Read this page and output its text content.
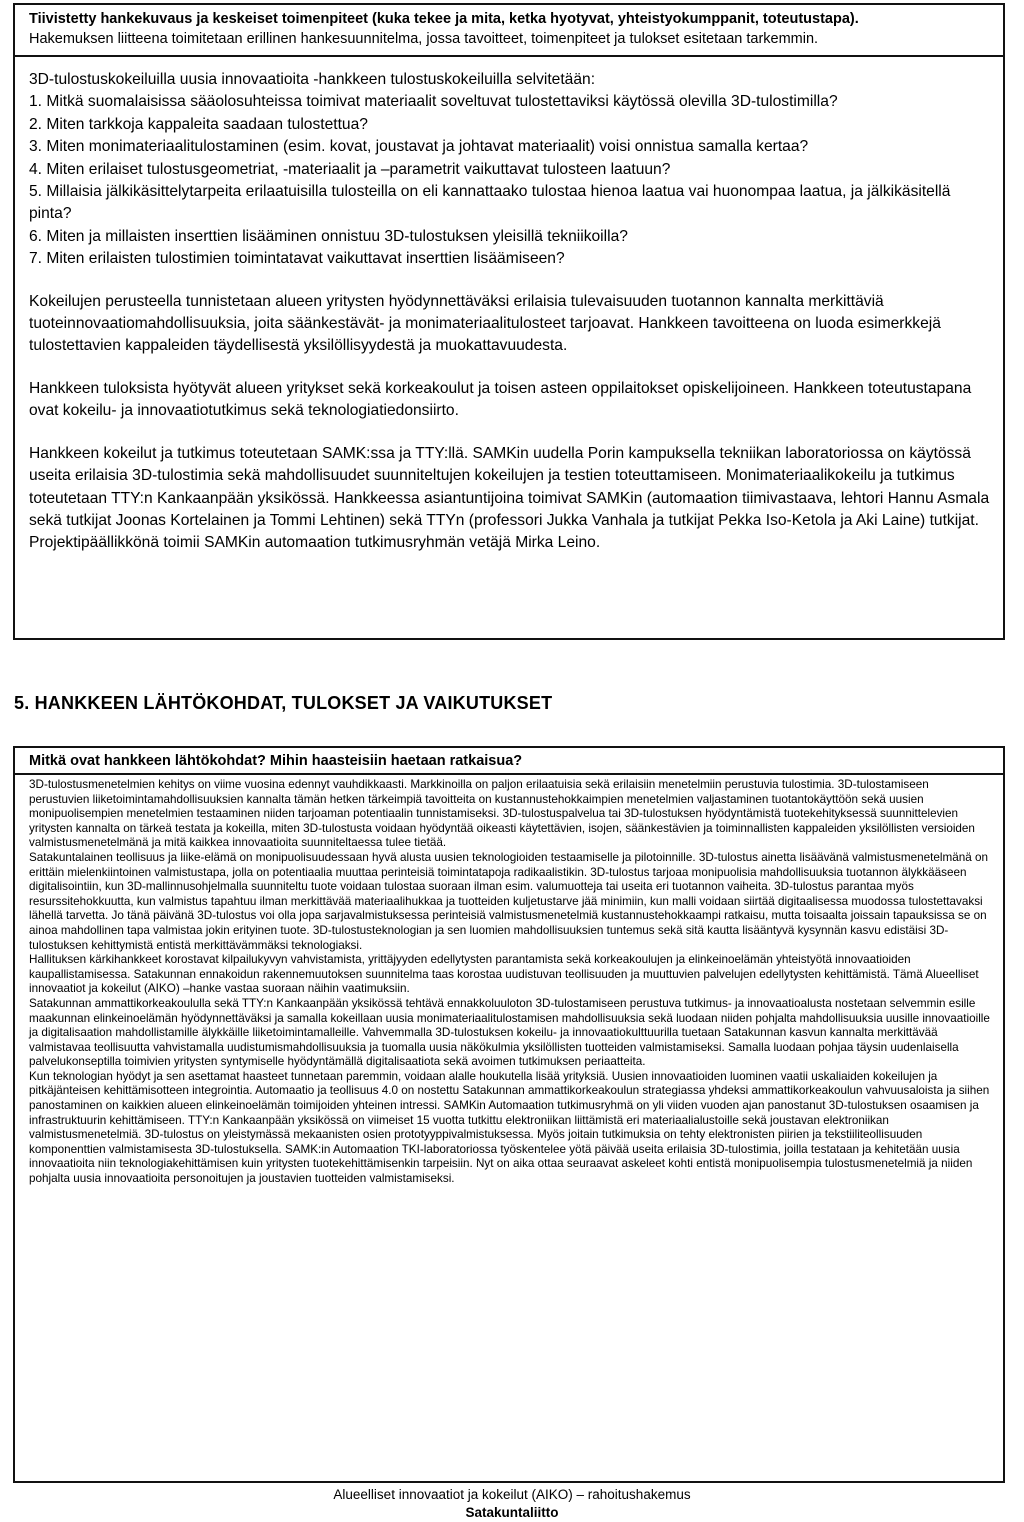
Tiivistetty hankekuvaus ja keskeiset toimenpiteet (kuka tekee ja mita, ketka hyotyvat, yhteistyokumppanit, toteutustapa).
Hakemuksen liitteena toimitetaan erillinen hankesuunnitelma, jossa tavoitteet, toimenpiteet ja tulokset esitetaan tarkemmin.

3D-tulostuskokeiluilla uusia innovaatioita -hankkeen tulostuskokeiluilla selvitetään:

1. Mitkä suomalaisissa sääolosuhteissa toimivat materiaalit soveltuvat tulostettaviksi käytössä olevilla 3D-tulostimilla?

2. Miten tarkkoja kappaleita saadaan tulostettua?

3. Miten monimateriaalitulostaminen (esim. kovat, joustavat ja johtavat materiaalit) voisi onnistua samalla kertaa?

4. Miten erilaiset tulostusgeometriat, -materiaalit ja –parametrit vaikuttavat tulosteen laatuun?

5. Millaisia jälkikäsittelytarpeita erilaatuisilla tulosteilla on eli kannattaako tulostaa hienoa laatua vai huonompaa laatua, ja jälkikäsitellä pinta?

6. Miten ja millaisten inserttien lisääminen onnistuu 3D-tulostuksen yleisillä tekniikoilla?

7. Miten erilaisten tulostimien toimintatavat vaikuttavat inserttien lisäämiseen?

Kokeilujen perusteella tunnistetaan alueen yritysten hyödynnettäväksi erilaisia tulevaisuuden tuotannon kannalta merkittäviä tuoteinnovaatiomahdollisuuksia, joita säänkestävät- ja monimateriaalitulosteet tarjoavat. Hankkeen tavoitteena on luoda esimerkkejä tulostettavien kappaleiden täydellisestä yksilöllisyydestä ja muokattavuudesta.

Hankkeen tuloksista hyötyvät alueen yritykset sekä korkeakoulut ja toisen asteen oppilaitokset opiskelijoineen. Hankkeen toteutustapana ovat kokeilu- ja innovaatiotutkimus sekä teknologiatiedonsiirto.

Hankkeen kokeilut ja tutkimus toteutetaan SAMK:ssa ja TTY:llä. SAMKin uudella Porin kampuksella tekniikan laboratoriossa on käytössä useita erilaisia 3D-tulostimia sekä mahdollisuudet suunniteltujen kokeilujen ja testien toteuttamiseen. Monimateriaalikokeilu ja tutkimus toteutetaan TTY:n Kankaanpään yksikössä. Hankkeessa asiantuntijoina toimivat SAMKin (automaation tiimivastaava, lehtori Hannu Asmala sekä tutkijat Joonas Kortelainen ja Tommi Lehtinen) sekä TTYn (professori Jukka Vanhala ja tutkijat Pekka Iso-Ketola ja Aki Laine) tutkijat. Projektipäällikkönä toimii SAMKin automaation tutkimusryhmän vetäjä Mirka Leino.

5. HANKKEEN LÄHTÖKOHDAT, TULOKSET JA VAIKUTUKSET
Mitkä ovat hankkeen lähtökohdat? Mihin haasteisiin haetaan ratkaisua?

3D-tulostusmenetelmien kehitys on viime vuosina edennyt vauhdikkaasti. Markkinoilla on paljon erilaatuisia sekä erilaisiin menetelmiin perustuvia tulostimia. 3D-tulostamiseen perustuvien liiketoimintamahdollisuuksien kannalta tämän hetken tärkeimpiä tavoitteita on kustannustehokkaimpien menetelmien valjastaminen tuotantokäyttöön sekä uusien monipuolisempien menetelmien testaaminen niiden tarjoaman potentiaalin tunnistamiseksi. 3D-tulostuspalvelua tai 3D-tulostuksen hyödyntämistä tuotekehityksessä suunnittelevien yritysten kannalta on tärkeä testata ja kokeilla, miten 3D-tulostusta voidaan hyödyntää oikeasti käytettävien, isojen, säänkestävien ja toiminnallisten kappaleiden yksilöllisten versioiden valmistusmenetelmänä ja mitä kaikkea innovaatioita suunniteltaessa tulee tietää.

Satakuntalainen teollisuus ja liike-elämä on monipuolisuudessaan hyvä alusta uusien teknologioiden testaamiselle ja pilotoinnille. 3D-tulostus ainetta lisäävänä valmistusmenetelmänä on erittäin mielenkiintoinen valmistustapa, jolla on potentiaalia muuttaa perinteisiä toimintatapoja radikaalistikin. 3D-tulostus tarjoaa monipuolisia mahdollisuuksia tuotannon älykkääseen digitalisointiin, kun 3D-mallinnusohjelmalla suunniteltu tuote voidaan tulostaa suoraan ilman esim. valumuotteja tai useita eri tuotannon vaiheita. 3D-tulostus parantaa myös resurssitehokkuutta, kun valmistus tapahtuu ilman merkittävää materiaalihukkaa ja tuotteiden kuljetustarve jää minimiin, kun malli voidaan siirtää digitaalisessa muodossa tulostettavaksi lähellä tarvetta. Jo tänä päivänä 3D-tulostus voi olla jopa sarjavalmistuksessa perinteisiä valmistusmenetelmiä kustannustehokkaampi ratkaisu, mutta toisaalta joissain tapauksissa se on ainoa mahdollinen tapa valmistaa jokin erityinen tuote. 3D-tulostusteknologian ja sen luomien mahdollisuuksien tuntemus sekä sitä kautta lisääntyvä kysynnän kasvu edistäisi 3D-tulostuksen kehittymistä entistä merkittävämmäksi teknologiaksi.

Hallituksen kärkihankkeet korostavat kilpailukyvyn vahvistamista, yrittäjyyden edellytysten parantamista sekä korkeakoulujen ja elinkeinoelämän yhteistyötä innovaatioiden kaupallistamisessa. Satakunnan ennakoidun rakennemuutoksen suunnitelma taas korostaa uudistuvan teollisuuden ja muuttuvien palvelujen edellytysten kehittämistä. Tämä Alueelliset innovaatiot ja kokeilut (AIKO) –hanke vastaa suoraan näihin vaatimuksiin.

Satakunnan ammattikorkeakoululla sekä TTY:n Kankaanpään yksikössä tehtävä ennakkoluuloton 3D-tulostamiseen perustuva tutkimus- ja innovaatioalusta nostetaan selvemmin esille maakunnan elinkeinoelämän hyödynnettäväksi ja samalla kokeillaan uusia monimateriaalitulostamisen mahdollisuuksia sekä luodaan niiden pohjalta mahdollisuuksia uusille innovaatioille ja digitalisaation mahdollistamille älykkäille liiketoimintamalleille. Vahvemmalla 3D-tulostuksen kokeilu- ja innovaatiokulttuurilla tuetaan Satakunnan kasvun kannalta merkittävää valmistavaa teollisuutta vahvistamalla uudistumismahdollisuuksia ja tuomalla uusia näkökulmia yksilöllisten tuotteiden valmistamiseksi. Samalla luodaan pohjaa täysin uudenlaisella palvelukonseptilla toimivien yritysten syntymiselle hyödyntämällä digitalisaatiota sekä avoimen tutkimuksen periaatteita.

Kun teknologian hyödyt ja sen asettamat haasteet tunnetaan paremmin, voidaan alalle houkutella lisää yrityksiä. Uusien innovaatioiden luominen vaatii uskaliaiden kokeilujen ja pitkäjänteisen kehittämisotteen integrointia. Automaatio ja teollisuus 4.0 on nostettu Satakunnan ammattikorkeakoulun strategiassa yhdeksi ammattikorkeakoulun vahvuusaloista ja siihen panostaminen on kaikkien alueen elinkeinoelämän toimijoiden yhteinen intressi. SAMKin Automaation tutkimusryhmä on yli viiden vuoden ajan panostanut 3D-tulostuksen osaamisen ja infrastruktuurin kehittämiseen. TTY:n Kankaanpään yksikössä on viimeiset 15 vuotta tutkittu elektroniikan liittämistä eri materiaalialustoille sekä joustavan elektroniikan valmistusmenetelmiä. 3D-tulostus on yleistymässä mekaanisten osien prototyyppivalmistuksessa. Myös joitain tutkimuksia on tehty elektronisten piirien ja tekstiiliteollisuuden komponenttien valmistamisesta 3D-tulostuksella. SAMK:in Automaation TKI-laboratoriossa työskentelee yötä päivää useita erilaisia 3D-tulostimia, joilla testataan ja kehitetään uusia innovaatioita niin teknologiakehittämisen kuin yritysten tuotekehittämisenkin tarpeisiin. Nyt on aika ottaa seuraavat askeleet kohti entistä monipuolisempia tulostusmenetelmiä ja niiden pohjalta uusia innovaatioita personoitujen ja joustavien tuotteiden valmistamiseksi.

Alueelliset innovaatiot ja kokeilut (AIKO) – rahoitushakemus
Satakuntaliitto
